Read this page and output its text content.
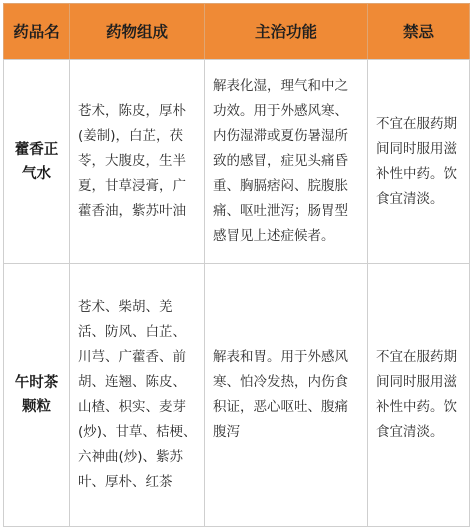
药品名	药物组成	主治功能	禁忌
藿香正气水	苍术，陈皮，厚朴(姜制)，白芷，茯苓，大腹皮，生半夏，甘草浸膏，广藿香油，紫苏叶油	解表化湿，理气和中之功效。用于外感风寒、内伤湿滞或夏伤暑湿所致的感冒，症见头痛昏重、胸膈痞闷、脘腹胀痛、呕吐泄泻；肠胃型感冒见上述症候者。	不宜在服药期间同时服用滋补性中药。饮食宜清淡。
午时茶颗粒	苍术、柴胡、羌活、防风、白芷、川芎、广藿香、前胡、连翘、陈皮、山楂、枳实、麦芽(炒)、甘草、桔梗、六神曲(炒)、紫苏叶、厚朴、红茶	解表和胃。用于外感风寒、怕冷发热，内伤食积证，恶心呕吐、腹痛腹泻	不宜在服药期间同时服用滋补性中药。饮食宜清淡。
